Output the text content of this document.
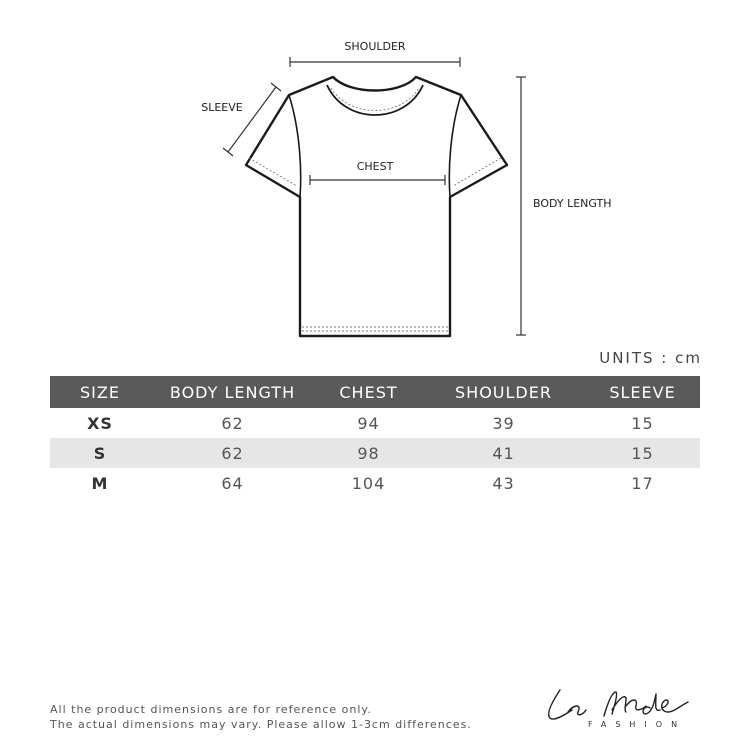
SHOULDER
SLEEVE
CHEST
BODY LENGTH
UNITS : cm
SIZE	BODY LENGTH	CHEST	SHOULDER	SLEEVE
XS	62	94	39	15
S	62	98	41	15
M	64	104	43	17
All the product dimensions are for reference only.
The actual dimensions may vary. Please allow 1-3cm differences.	FASHION
